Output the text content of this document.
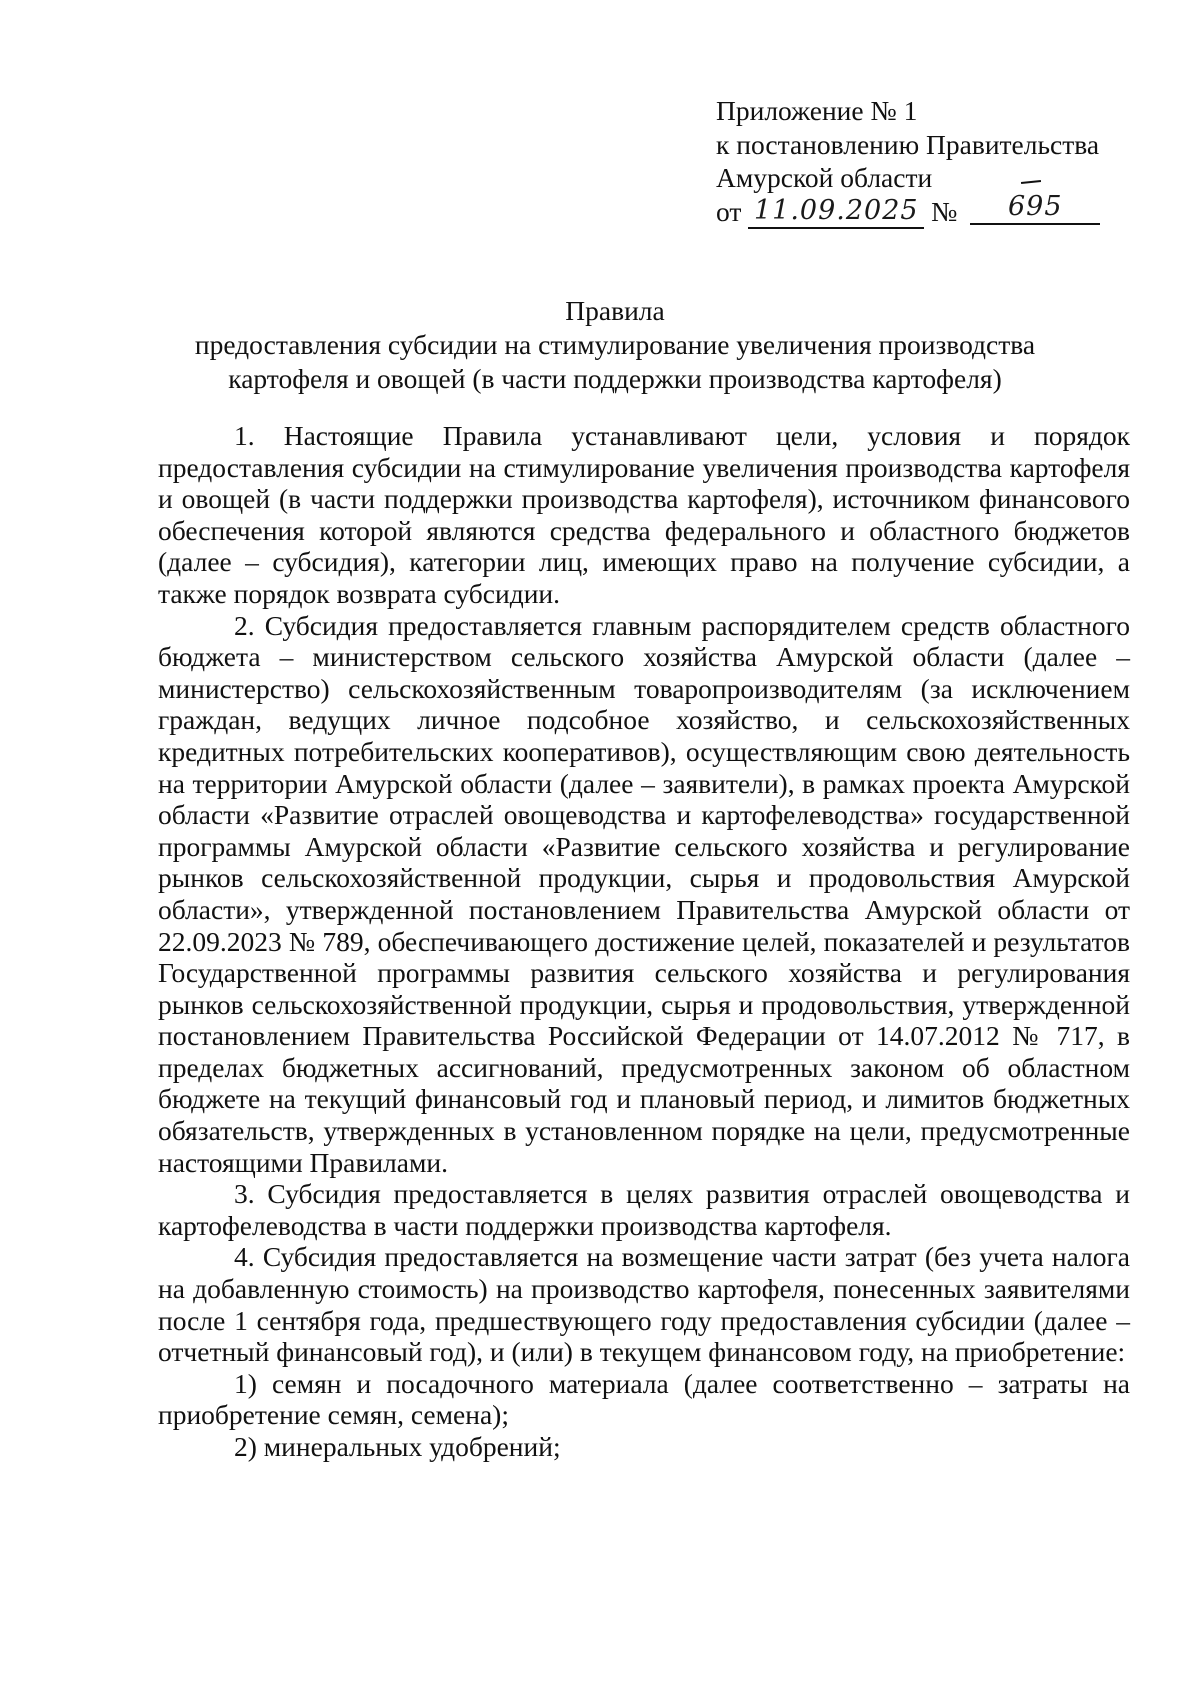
Приложение № 1
к постановлению Правительства
Амурской области
от 11.09.2025 № 695
Правила
предоставления субсидии на стимулирование увеличения производства
картофеля и овощей (в части поддержки производства картофеля)

1. Настоящие Правила устанавливают цели, условия и порядок предоставления субсидии на стимулирование увеличения производства картофеля и овощей (в части поддержки производства картофеля), источником финансового обеспечения которой являются средства федерального и областного бюджетов (далее – субсидия), категории лиц, имеющих право на получение субсидии, а также порядок возврата субсидии.

2. Субсидия предоставляется главным распорядителем средств областного бюджета – министерством сельского хозяйства Амурской области (далее – министерство) сельскохозяйственным товаропроизводителям (за исключением граждан, ведущих личное подсобное хозяйство, и сельскохозяйственных кредитных потребительских кооперативов), осуществляющим свою деятельность на территории Амурской области (далее – заявители), в рамках проекта Амурской области «Развитие отраслей овощеводства и картофелеводства» государственной программы Амурской области «Развитие сельского хозяйства и регулирование рынков сельскохозяйственной продукции, сырья и продовольствия Амурской области», утвержденной постановлением Правительства Амурской области от 22.09.2023 № 789, обеспечивающего достижение целей, показателей и результатов Государственной программы развития сельского хозяйства и регулирования рынков сельскохозяйственной продукции, сырья и продовольствия, утвержденной постановлением Правительства Российской Федерации от 14.07.2012 № 717, в пределах бюджетных ассигнований, предусмотренных законом об областном бюджете на текущий финансовый год и плановый период, и лимитов бюджетных обязательств, утвержденных в установленном порядке на цели, предусмотренные настоящими Правилами.

3. Субсидия предоставляется в целях развития отраслей овощеводства и картофелеводства в части поддержки производства картофеля.

4. Субсидия предоставляется на возмещение части затрат (без учета налога на добавленную стоимость) на производство картофеля, понесенных заявителями после 1 сентября года, предшествующего году предоставления субсидии (далее – отчетный финансовый год), и (или) в текущем финансовом году, на приобретение:

1) семян и посадочного материала (далее соответственно – затраты на приобретение семян, семена);

2) минеральных удобрений;
